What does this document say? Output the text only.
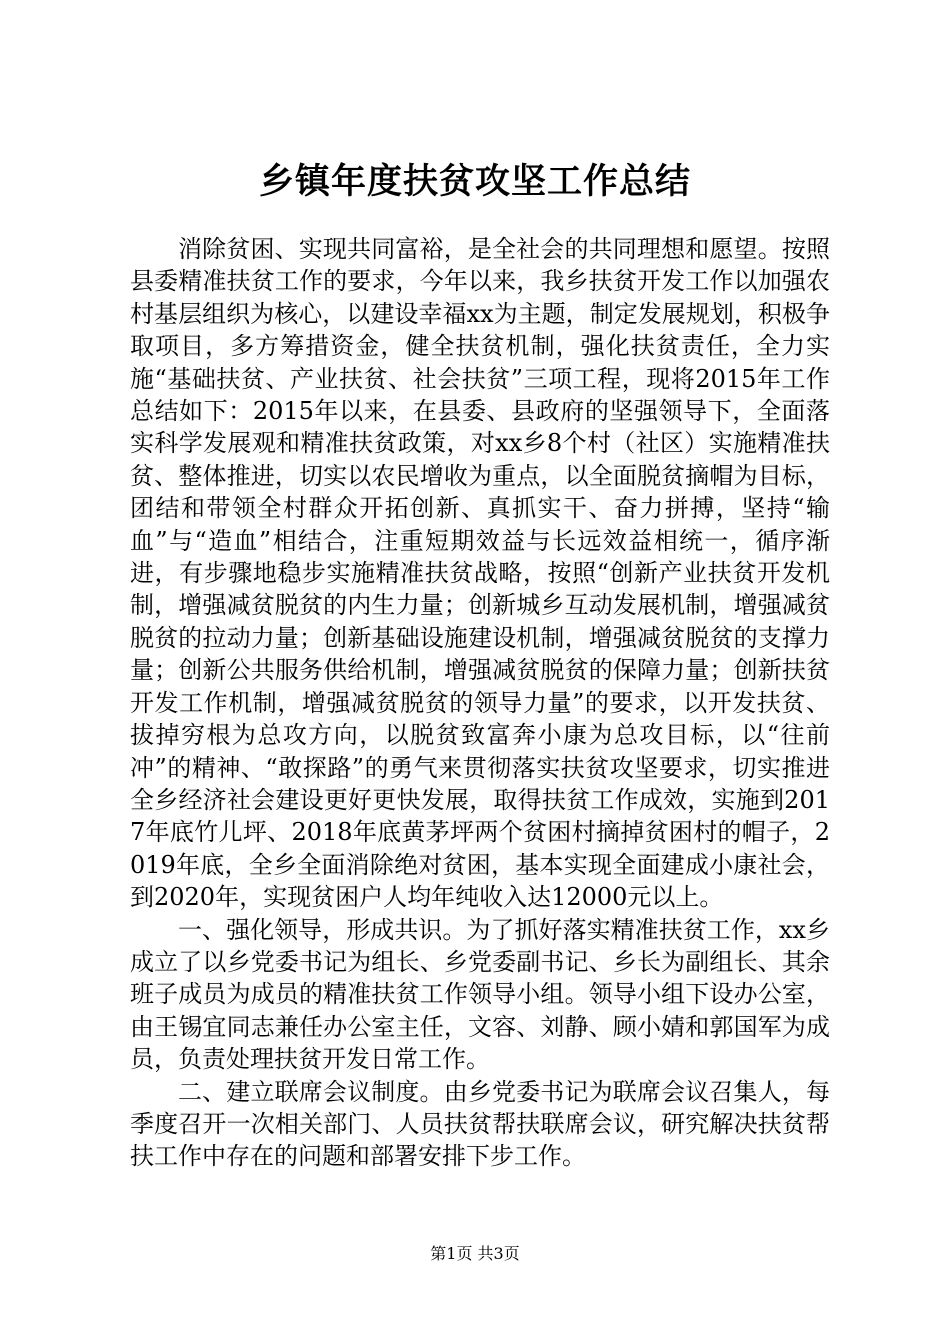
乡镇年度扶贫攻坚工作总结

消除贫困、实现共同富裕，是全社会的共同理想和愿望。按照县委精准扶贫工作的要求，今年以来，我乡扶贫开发工作以加强农村基层组织为核心，以建设幸福xx为主题，制定发展规划，积极争取项目，多方筹措资金，健全扶贫机制，强化扶贫责任，全力实施“基础扶贫、产业扶贫、社会扶贫”三项工程，现将2015年工作总结如下：2015年以来，在县委、县政府的坚强领导下，全面落实科学发展观和精准扶贫政策，对xx乡8个村（社区）实施精准扶贫、整体推进，切实以农民增收为重点，以全面脱贫摘帽为目标，团结和带领全村群众开拓创新、真抓实干、奋力拼搏，坚持“输血”与“造血”相结合，注重短期效益与长远效益相统一，循序渐进，有步骤地稳步实施精准扶贫战略，按照“创新产业扶贫开发机制，增强减贫脱贫的内生力量；创新城乡互动发展机制，增强减贫脱贫的拉动力量；创新基础设施建设机制，增强减贫脱贫的支撑力量；创新公共服务供给机制，增强减贫脱贫的保障力量；创新扶贫开发工作机制，增强减贫脱贫的领导力量”的要求，以开发扶贫、拔掉穷根为总攻方向，以脱贫致富奔小康为总攻目标，以“往前冲”的精神、“敢探路”的勇气来贯彻落实扶贫攻坚要求，切实推进全乡经济社会建设更好更快发展，取得扶贫工作成效，实施到2017年底竹儿坪、2018年底黄茅坪两个贫困村摘掉贫困村的帽子，2019年底，全乡全面消除绝对贫困，基本实现全面建成小康社会，到2020年，实现贫困户人均年纯收入达12000元以上。

一、强化领导，形成共识。为了抓好落实精准扶贫工作，xx乡成立了以乡党委书记为组长、乡党委副书记、乡长为副组长、其余班子成员为成员的精准扶贫工作领导小组。领导小组下设办公室，由王锡宜同志兼任办公室主任，文容、刘静、顾小婧和郭国军为成员，负责处理扶贫开发日常工作。

二、建立联席会议制度。由乡党委书记为联席会议召集人，每季度召开一次相关部门、人员扶贫帮扶联席会议，研究解决扶贫帮扶工作中存在的问题和部署安排下步工作。

第1页 共3页
